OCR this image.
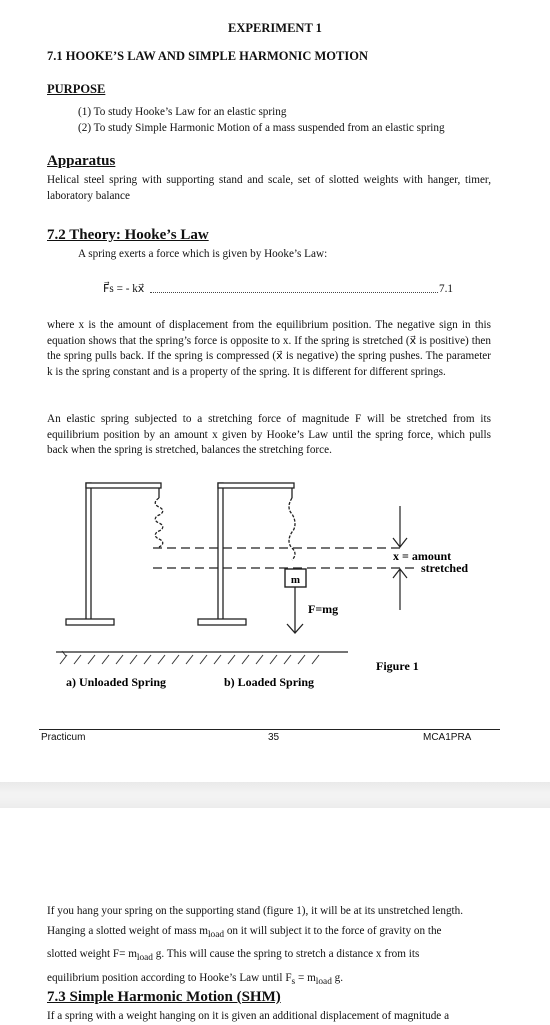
EXPERIMENT 1
7.1 HOOKE’S LAW AND SIMPLE HARMONIC MOTION
PURPOSE
(1) To study Hooke’s Law for an elastic spring
(2) To study Simple Harmonic Motion of a mass suspended from an elastic spring
Apparatus
Helical steel spring with supporting stand and scale, set of slotted weights with hanger, timer, laboratory balance
7.2 Theory: Hooke’s Law
A spring exerts a force which is given by Hooke’s Law:
F⃗s = - kx⃗	7.1
where x is the amount of displacement from the equilibrium position. The negative sign in this equation shows that the spring’s force is opposite to x. If the spring is stretched (x⃗ is positive) then the spring pulls back. If the spring is compressed (x⃗ is negative) the spring pushes. The parameter k is the spring constant and is a property of the spring. It is different for different springs.
An elastic spring subjected to a stretching force of magnitude F will be stretched from its equilibrium position by an amount x given by Hooke’s Law until the spring force, which pulls back when the spring is stretched, balances the stretching force.
m
F=mg
x = amount
stretched
a) Unloaded Spring	b) Loaded Spring
Figure 1
Practicum	35	MCA1PRA
If you hang your spring on the supporting stand (figure 1), it will be at its unstretched length.
Hanging a slotted weight of mass $m_{load}$ on it will subject it to the force of gravity on the
slotted weight $F= m_{load}$ g. This will cause the spring to stretch a distance x from its
equilibrium position according to Hooke’s Law until $F_s = m_{load}$ g.
7.3 Simple Harmonic Motion (SHM)
If a spring with a weight hanging on it is given an additional displacement of magnitude a
